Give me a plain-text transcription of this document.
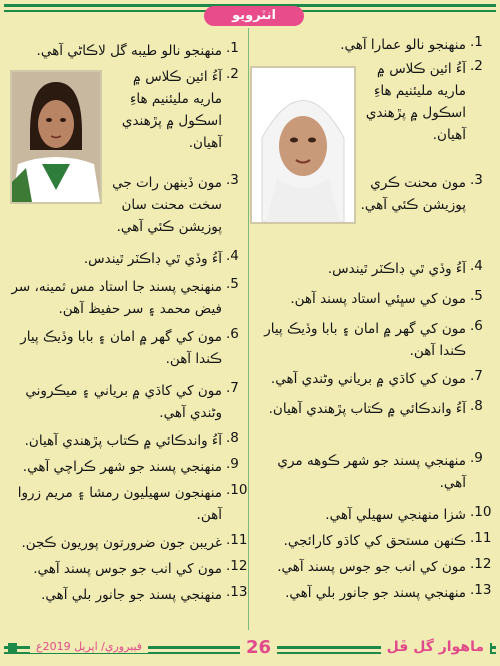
انٽرويو
1.
منهنجو نالو عمارا آهي.
2.
آءُ ائين ڪلاس ۾ ماريه مليئنيم هاءِ اسڪول ۾ پڙهندي آهيان.
3.
مون محنت ڪري پوزيشن ڪئي آهي.
4.
آءُ وڏي ٿي ڊاڪٽر ٿيندس.
5.
مون کي سڀئي استاد پسند آهن.
6.
مون کي گهر ۾ امان ۽ بابا وڏيڪ پيار ڪندا آهن.
7.
مون کي کاڌي ۾ برياني وڻندي آهي.
8.
آءُ واندڪائي ۾ ڪتاب پڙهندي آهيان.
9.
منهنجي پسند جو شهر ڪوهه مري آهي.
10.
شزا منهنجي سهيلي آهي.
11.
ڪنهن مستحق کي کاڌو کارائجي.
12.
مون کي انب جو جوس پسند آهي.
13.
منهنجي پسند جو جانور بلي آهي.
1.
منهنجو نالو طيبه گل لاڪاڻي آهي.
2.
آءُ ائين ڪلاس ۾ ماريه مليئنيم هاءِ اسڪول ۾ پڙهندي آهيان.
3.
مون ڏينهن رات جي سخت محنت سان پوزيشن ڪئي آهي.
4.
آءُ وڏي ٿي ڊاڪٽر ٿيندس.
5.
منهنجي پسند جا استاد مس ثمينه، سر فيض محمد ۽ سر حفيظ آهن.
6.
مون کي گهر ۾ امان ۽ بابا وڏيڪ پيار ڪندا آهن.
7.
مون کي کاڌي ۾ برياني ۽ ميڪروني وڻندي آهي.
8.
آءُ واندڪائي ۾ ڪتاب پڙهندي آهيان.
9.
منهنجي پسند جو شهر ڪراچي آهي.
10.
منهنجون سهيليون رمشا ۽ مريم زروا آهن.
11.
غريبن جون ضرورتون پوريون ڪجن.
12.
مون کي انب جو جوس پسند آهي.
13.
منهنجي پسند جو جانور بلي آهي.
فيبروري/ اپريل 2019ع	26	ماهوار گل ڦل
